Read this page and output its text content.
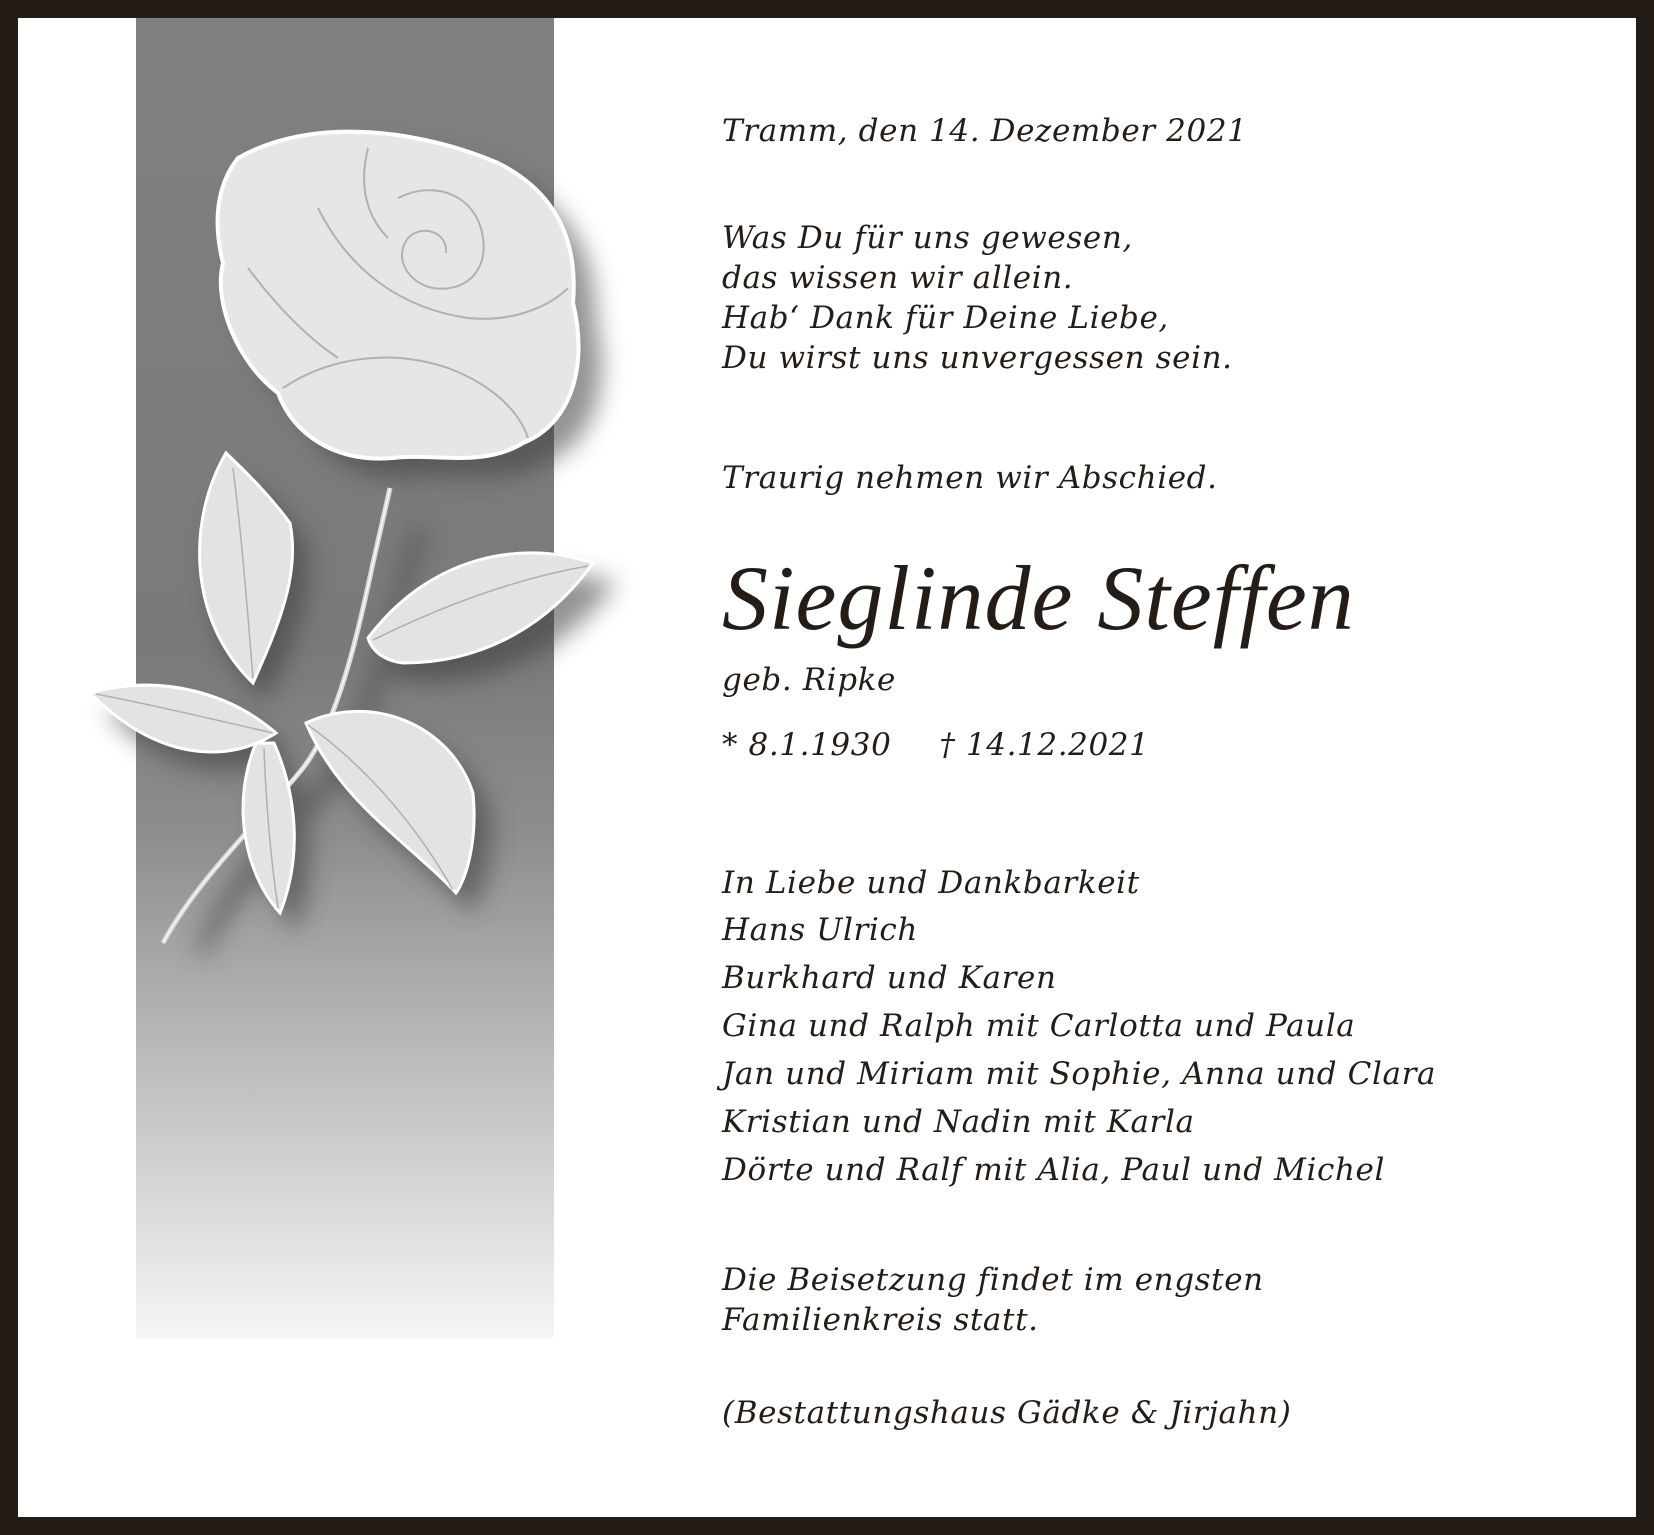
Tramm, den 14. Dezember 2021

Was Du für uns gewesen,
das wissen wir allein.
Hab‘ Dank für Deine Liebe,
Du wirst uns unvergessen sein.

Traurig nehmen wir Abschied.

Sieglinde Steffen

geb. Ripke

* 8.1.1930 † 14.12.2021

In Liebe und Dankbarkeit

Hans Ulrich
Burkhard und Karen
Gina und Ralph mit Carlotta und Paula
Jan und Miriam mit Sophie, Anna und Clara
Kristian und Nadin mit Karla
Dörte und Ralf mit Alia, Paul und Michel
Die Beisetzung findet im engsten
Familienkreis statt.

(Bestattungshaus Gädke & Jirjahn)
